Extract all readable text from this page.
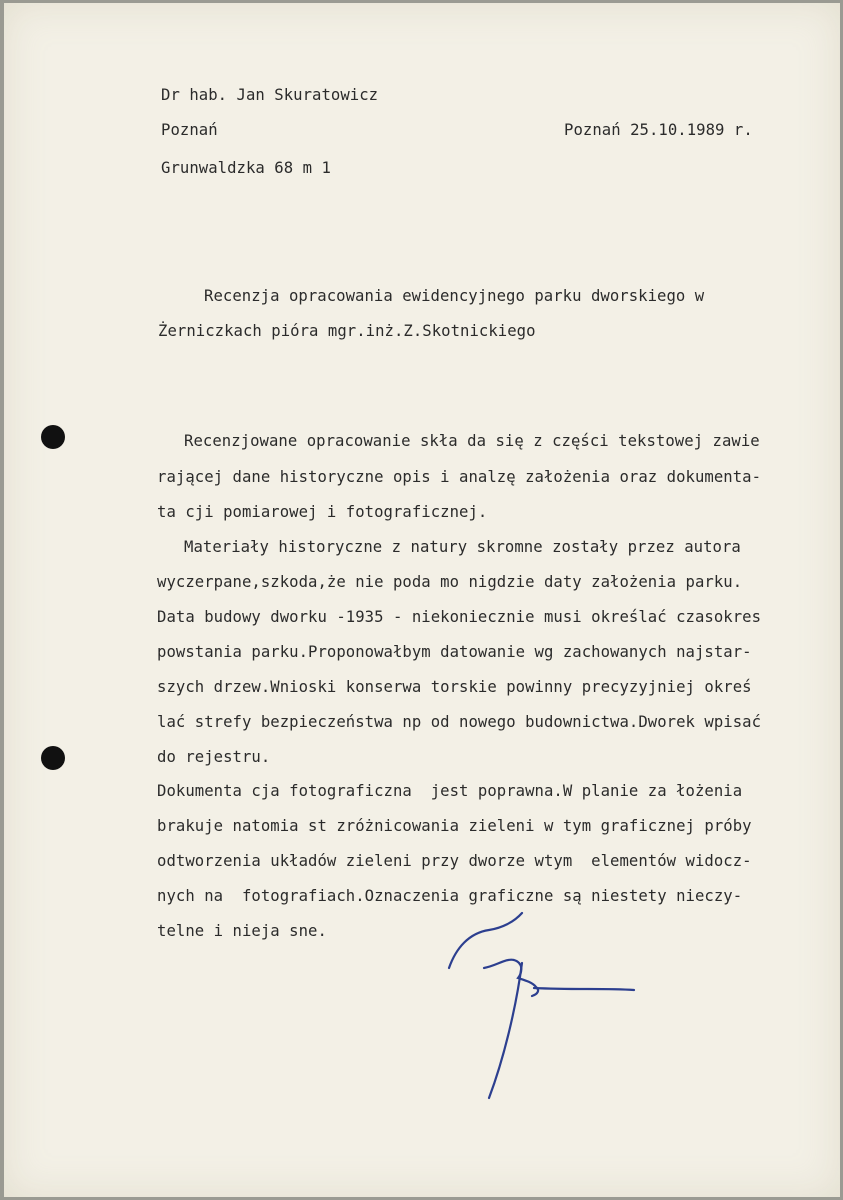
Dr hab. Jan Skuratowicz
Poznań	Poznań 25.10.1989 r.
Grunwaldzka 68 m 1
Recenzja opracowania ewidencyjnego parku dworskiego w
Żerniczkach pióra mgr.inż.Z.Skotnickiego
Recenzjowane opracowanie skła da się z części tekstowej zawie
rającej dane historyczne opis i analzę założenia oraz dokumenta-
ta cji pomiarowej i fotograficznej.
Materiały historyczne z natury skromne zostały przez autora
wyczerpane,szkoda,że nie poda mo nigdzie daty założenia parku.
Data budowy dworku -1935 - niekoniecznie musi określać czasokres
powstania parku.Proponowałbym datowanie wg zachowanych najstar-
szych drzew.Wnioski konserwa torskie powinny precyzyjniej okreś
lać strefy bezpieczeństwa np od nowego budownictwa.Dworek wpisać
do rejestru.
Dokumenta cja fotograficzna  jest poprawna.W planie za łożenia
brakuje natomia st zróżnicowania zieleni w tym graficznej próby
odtworzenia układów zieleni przy dworze wtym  elementów widocz-
nych na  fotografiach.Oznaczenia graficzne są niestety nieczy-
telne i nieja sne.
